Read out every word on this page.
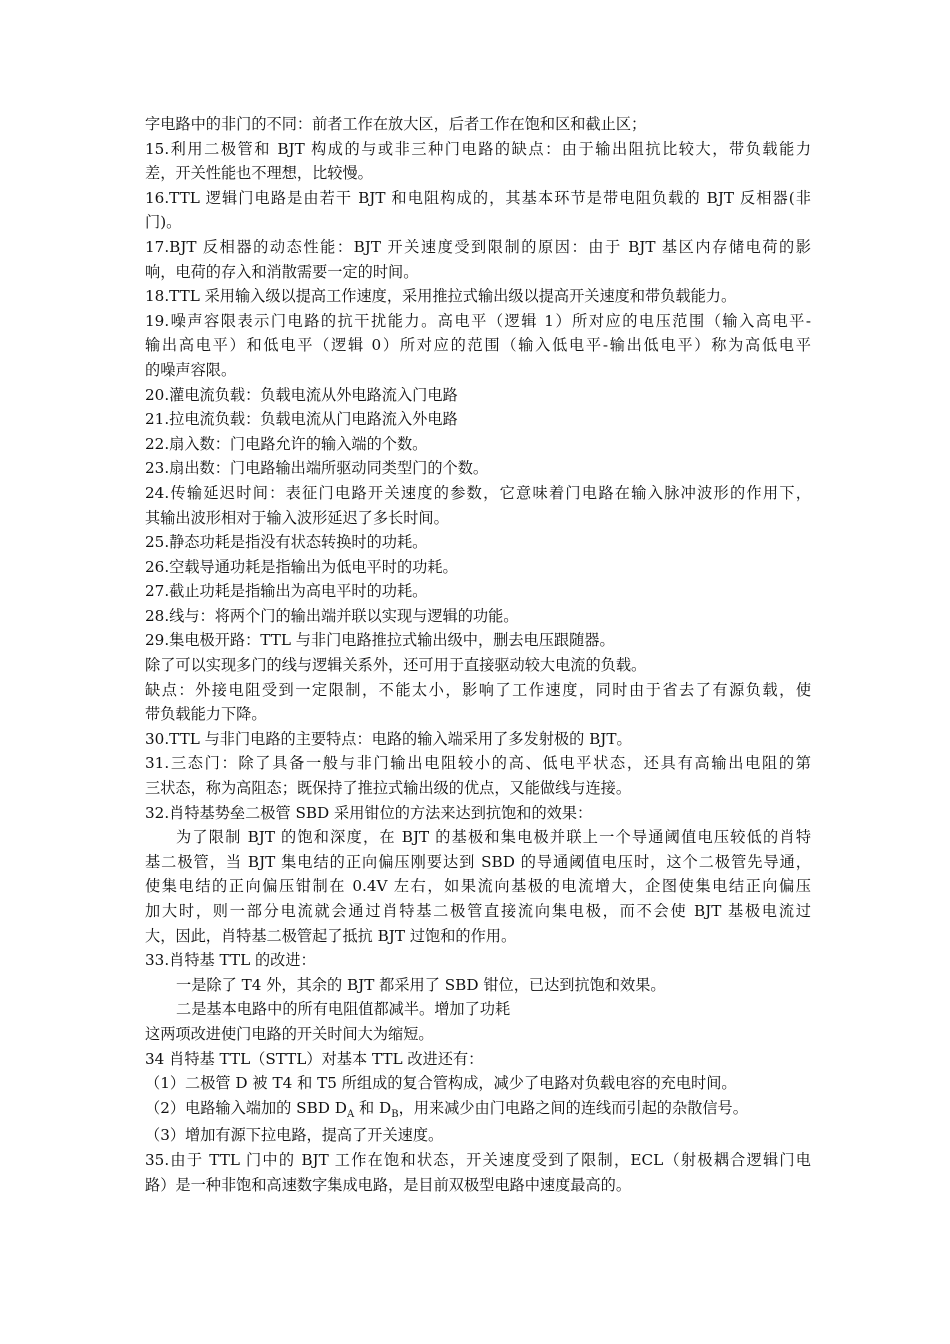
字电路中的非门的不同：前者工作在放大区，后者工作在饱和区和截止区；
15.利用二极管和 BJT 构成的与或非三种门电路的缺点：由于输出阻抗比较大，带负载能力
差，开关性能也不理想，比较慢。
16.TTL 逻辑门电路是由若干 BJT 和电阻构成的，其基本环节是带电阻负载的 BJT 反相器(非
门)。
17.BJT 反相器的动态性能：BJT 开关速度受到限制的原因：由于 BJT 基区内存储电荷的影
响，电荷的存入和消散需要一定的时间。
18.TTL 采用输入级以提高工作速度，采用推拉式输出级以提高开关速度和带负载能力。
19.噪声容限表示门电路的抗干扰能力。高电平（逻辑 1）所对应的电压范围（输入高电平-
输出高电平）和低电平（逻辑 0）所对应的范围（输入低电平-输出低电平）称为高低电平
的噪声容限。
20.灌电流负载：负载电流从外电路流入门电路
21.拉电流负载：负载电流从门电路流入外电路
22.扇入数：门电路允许的输入端的个数。
23.扇出数：门电路输出端所驱动同类型门的个数。
24.传输延迟时间：表征门电路开关速度的参数，它意味着门电路在输入脉冲波形的作用下，
其输出波形相对于输入波形延迟了多长时间。
25.静态功耗是指没有状态转换时的功耗。
26.空载导通功耗是指输出为低电平时的功耗。
27.截止功耗是指输出为高电平时的功耗。
28.线与：将两个门的输出端并联以实现与逻辑的功能。
29.集电极开路：TTL 与非门电路推拉式输出级中，删去电压跟随器。
除了可以实现多门的线与逻辑关系外，还可用于直接驱动较大电流的负载。
缺点：外接电阻受到一定限制，不能太小，影响了工作速度，同时由于省去了有源负载，使
带负载能力下降。
30.TTL 与非门电路的主要特点：电路的输入端采用了多发射极的 BJT。
31.三态门：除了具备一般与非门输出电阻较小的高、低电平状态，还具有高输出电阻的第
三状态，称为高阻态；既保持了推拉式输出级的优点，又能做线与连接。
32.肖特基势垒二极管 SBD 采用钳位的方法来达到抗饱和的效果：
为了限制 BJT 的饱和深度，在 BJT 的基极和集电极并联上一个导通阈值电压较低的肖特
基二极管，当 BJT 集电结的正向偏压刚要达到 SBD 的导通阈值电压时，这个二极管先导通，
使集电结的正向偏压钳制在 0.4V 左右，如果流向基极的电流增大，企图使集电结正向偏压
加大时，则一部分电流就会通过肖特基二极管直接流向集电极，而不会使 BJT 基极电流过
大，因此，肖特基二极管起了抵抗 BJT 过饱和的作用。
33.肖特基 TTL 的改进：
一是除了 T4 外，其余的 BJT 都采用了 SBD 钳位，已达到抗饱和效果。
二是基本电路中的所有电阻值都减半。增加了功耗
这两项改进使门电路的开关时间大为缩短。
34 肖特基 TTL（STTL）对基本 TTL 改进还有：
（1）二极管 D 被 T4 和 T5 所组成的复合管构成，减少了电路对负载电容的充电时间。
（2）电路输入端加的 SBD $D_A$ 和 $D_B$，用来减少由门电路之间的连线而引起的杂散信号。
（3）增加有源下拉电路，提高了开关速度。
35.由于 TTL 门中的 BJT 工作在饱和状态，开关速度受到了限制，ECL（射极耦合逻辑门电
路）是一种非饱和高速数字集成电路，是目前双极型电路中速度最高的。
